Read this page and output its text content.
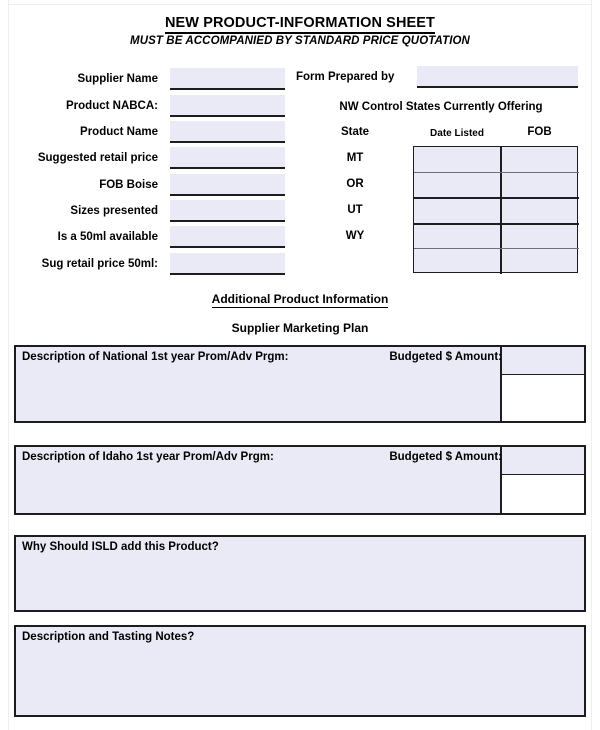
NEW PRODUCT-INFORMATION SHEET
MUST BE ACCOMPANIED BY STANDARD PRICE QUOTATION
Supplier Name
Product NABCA:
Product Name
Suggested retail price
FOB Boise
Sizes presented
Is a 50ml available
Sug retail price 50ml:
Form Prepared by
NW Control States Currently Offering
State	Date Listed	FOB
MT
OR
UT
WY
Additional Product Information
Supplier Marketing Plan
Description of National 1st year Prom/Adv Prgm:	Budgeted $ Amount:
Description of Idaho 1st year Prom/Adv Prgm:	Budgeted $ Amount:
Why Should ISLD add this Product?
Description and Tasting Notes?
